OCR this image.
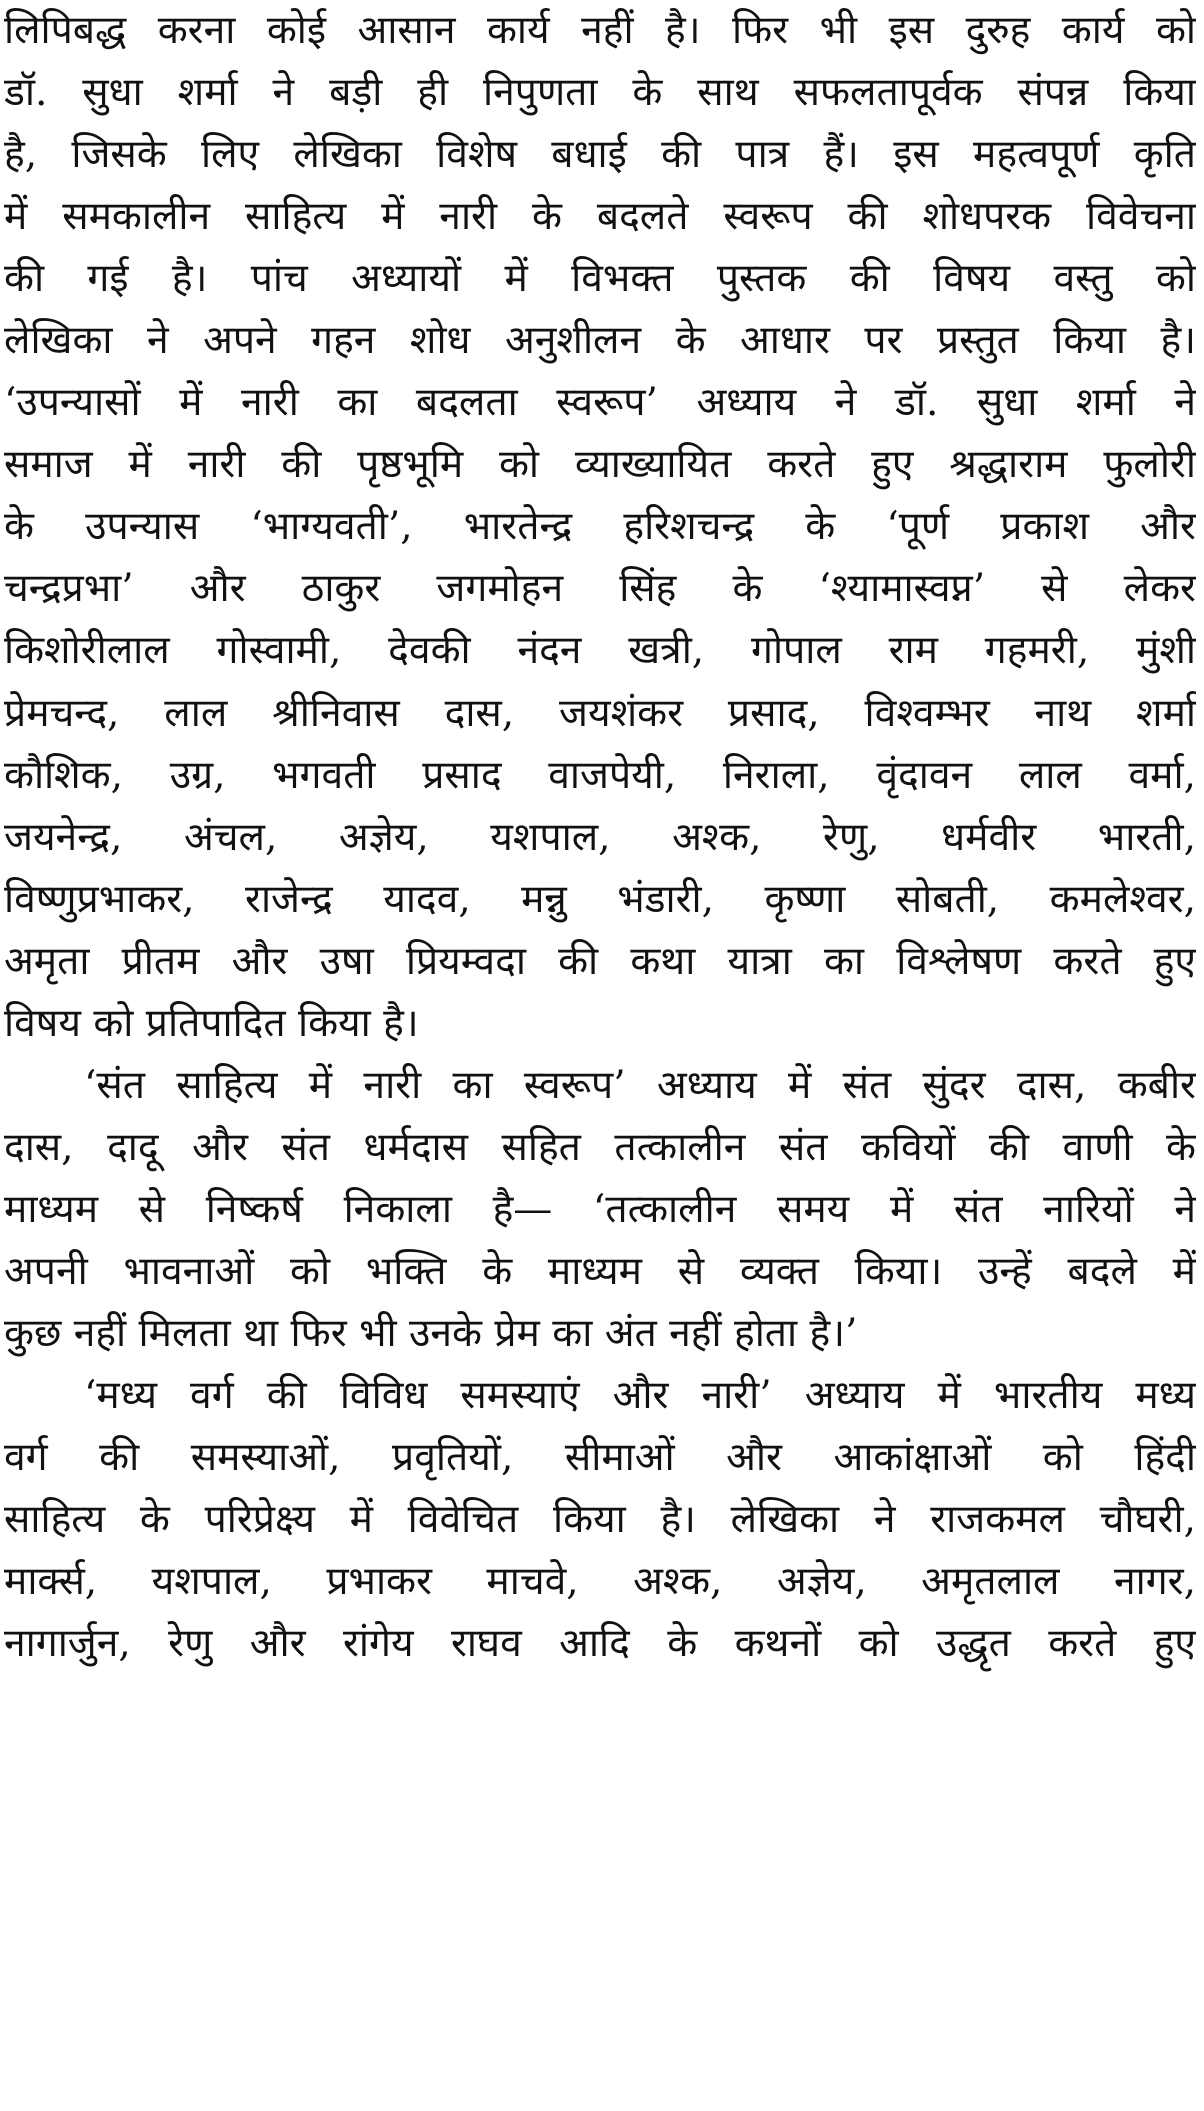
लिपिबद्ध करना कोई आसान कार्य नहीं है। फिर भी इस दुरुह कार्य को
डॉ. सुधा शर्मा ने बड़ी ही निपुणता के साथ सफलतापूर्वक संपन्न किया
है, जिसके लिए लेखिका विशेष बधाई की पात्र हैं। इस महत्वपूर्ण कृति
में समकालीन साहित्य में नारी के बदलते स्वरूप की शोधपरक विवेचना
की गई है। पांच अध्यायों में विभक्त पुस्तक की विषय वस्तु को
लेखिका ने अपने गहन शोध अनुशीलन के आधार पर प्रस्तुत किया है।
‘उपन्यासों में नारी का बदलता स्वरूप’ अध्याय ने डॉ. सुधा शर्मा ने
समाज में नारी की पृष्ठभूमि को व्याख्यायित करते हुए श्रद्धाराम फुलोरी
के उपन्यास ‘भाग्यवती’, भारतेन्द्र हरिशचन्द्र के ‘पूर्ण प्रकाश और
चन्द्रप्रभा’ और ठाकुर जगमोहन सिंह के ‘श्यामास्वप्न’ से लेकर
किशोरीलाल गोस्वामी, देवकी नंदन खत्री, गोपाल राम गहमरी, मुंशी
प्रेमचन्द, लाल श्रीनिवास दास, जयशंकर प्रसाद, विश्वम्भर नाथ शर्मा
कौशिक, उग्र, भगवती प्रसाद वाजपेयी, निराला, वृंदावन लाल वर्मा,
जयनेन्द्र, अंचल, अज्ञेय, यशपाल, अश्क, रेणु, धर्मवीर भारती,
विष्णुप्रभाकर, राजेन्द्र यादव, मन्नु भंडारी, कृष्णा सोबती, कमलेश्वर,
अमृता प्रीतम और उषा प्रियम्वदा की कथा यात्रा का विश्लेषण करते हुए
विषय को प्रतिपादित किया है।
‘संत साहित्य में नारी का स्वरूप’ अध्याय में संत सुंदर दास, कबीर
दास, दादू और संत धर्मदास सहित तत्कालीन संत कवियों की वाणी के
माध्यम से निष्कर्ष निकाला है— ‘तत्कालीन समय में संत नारियों ने
अपनी भावनाओं को भक्ति के माध्यम से व्यक्त किया। उन्हें बदले में
कुछ नहीं मिलता था फिर भी उनके प्रेम का अंत नहीं होता है।’
‘मध्य वर्ग की विविध समस्याएं और नारी’ अध्याय में भारतीय मध्य
वर्ग की समस्याओं, प्रवृतियों, सीमाओं और आकांक्षाओं को हिंदी
साहित्य के परिप्रेक्ष्य में विवेचित किया है। लेखिका ने राजकमल चौघरी,
मार्क्स, यशपाल, प्रभाकर माचवे, अश्क, अज्ञेय, अमृतलाल नागर,
नागार्जुन, रेणु और रांगेय राघव आदि के कथनों को उद्धृत करते हुए
